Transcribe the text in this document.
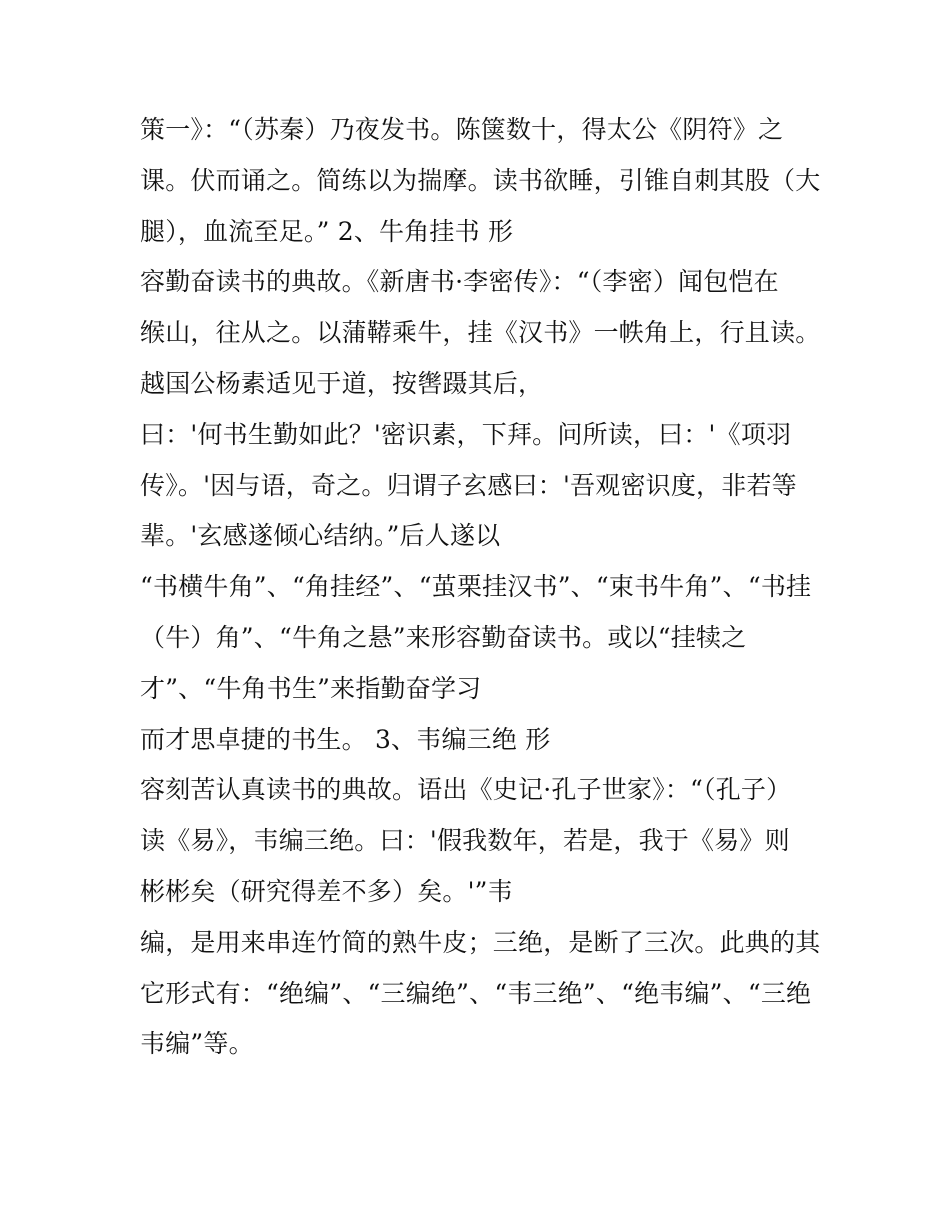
策一》：“（苏秦）乃夜发书。陈箧数十，得太公《阴符》之
课。伏而诵之。简练以为揣摩。读书欲睡，引锥自刺其股（大
腿），血流至足。” 2、牛角挂书 形
容勤奋读书的典故。《新唐书·李密传》：“（李密）闻包恺在
缑山，往从之。以蒲鞯乘牛，挂《汉书》一帙角上，行且读。
越国公杨素适见于道，按辔蹑其后，
曰：'何书生勤如此？'密识素，下拜。问所读，曰：'《项羽
传》。'因与语，奇之。归谓子玄感曰：'吾观密识度，非若等
辈。'玄感遂倾心结纳。”后人遂以
“书横牛角”、“角挂经”、“茧栗挂汉书”、“束书牛角”、“书挂
（牛）角”、“牛角之悬”来形容勤奋读书。或以“挂犊之
才”、“牛角书生”来指勤奋学习
而才思卓捷的书生。 3、韦编三绝 形
容刻苦认真读书的典故。语出《史记·孔子世家》：“（孔子）
读《易》，韦编三绝。曰：'假我数年，若是，我于《易》则
彬彬矣（研究得差不多）矣。'”韦
编，是用来串连竹简的熟牛皮；三绝，是断了三次。此典的其
它形式有：“绝编”、“三编绝”、“韦三绝”、“绝韦编”、“三绝
韦编”等。
